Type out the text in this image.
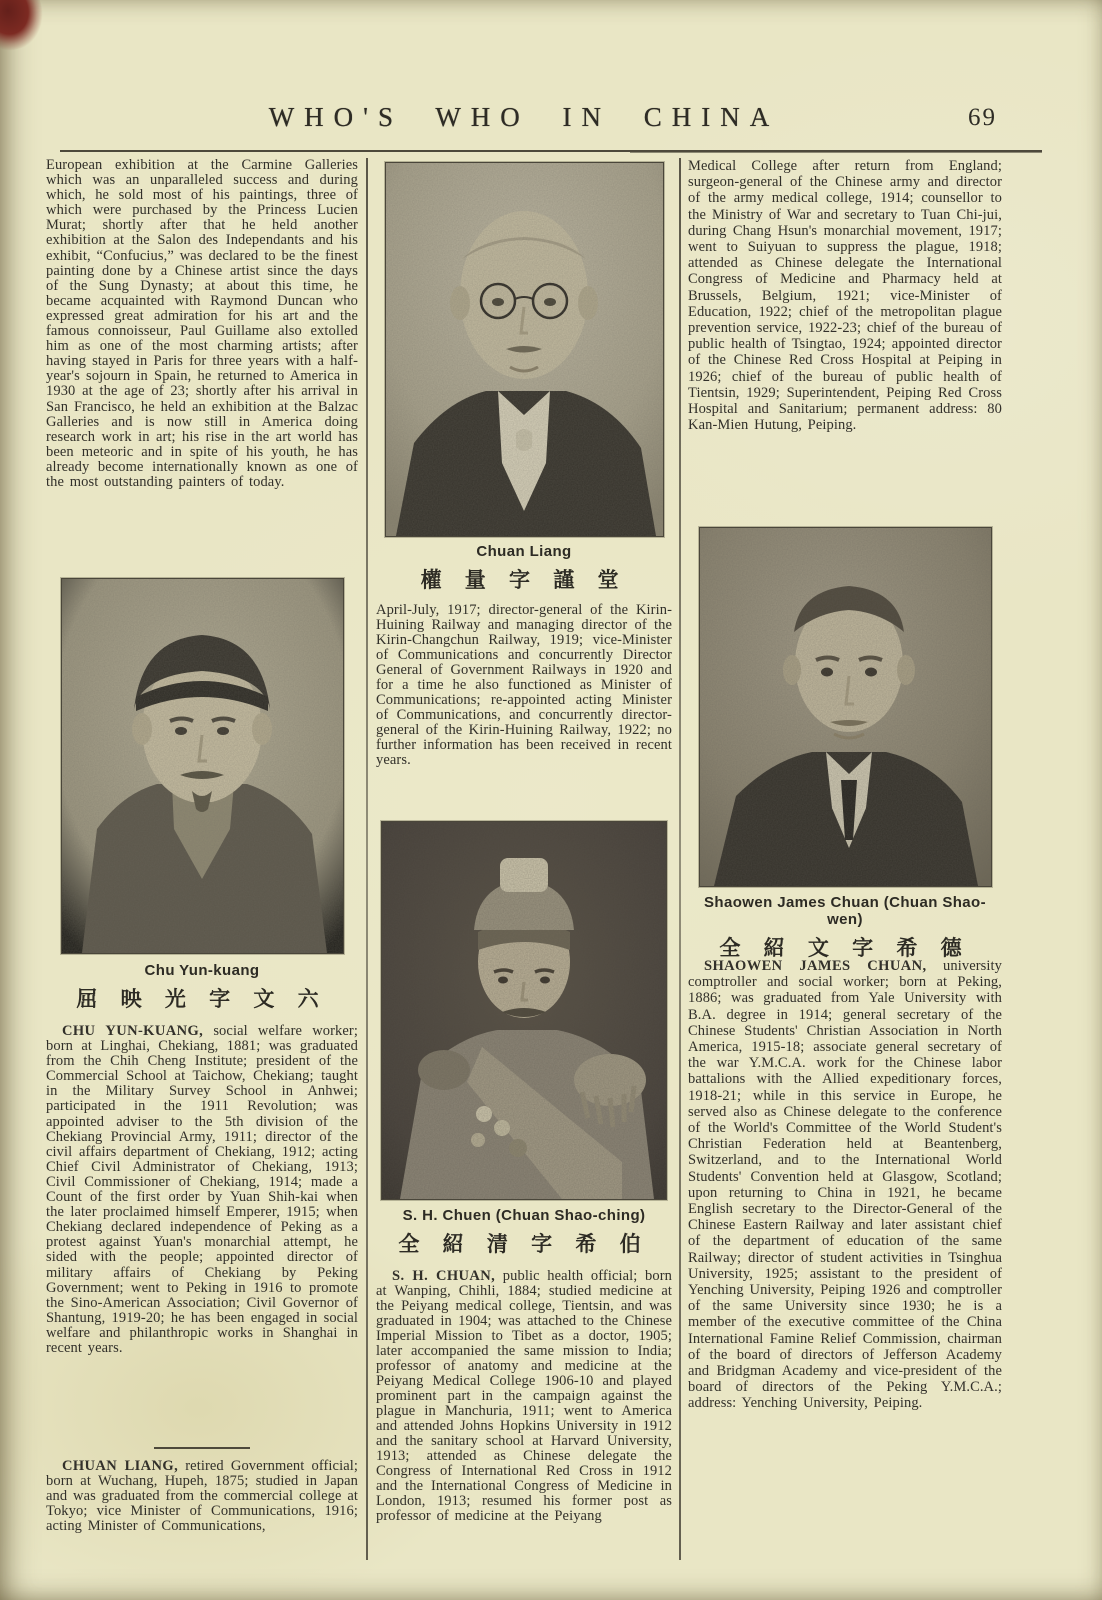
WHO'S WHO IN CHINA	69
European exhibition at the Carmine Galleries which was an unparalleled success and during which, he sold most of his paintings, three of which were purchased by the Princess Lucien Murat; shortly after that he held another exhibition at the Salon des Independants and his exhibit, “Confucius,” was declared to be the finest painting done by a Chinese artist since the days of the Sung Dynasty; at about this time, he became acquainted with Raymond Duncan who expressed great admiration for his art and the famous connoisseur, Paul Guillame also extolled him as one of the most charming artists; after having stayed in Paris for three years with a half-year's sojourn in Spain, he returned to America in 1930 at the age of 23; shortly after his arrival in San Francisco, he held an exhibition at the Balzac Galleries and is now still in America doing research work in art; his rise in the art world has been meteoric and in spite of his youth, he has already become internationally known as one of the most outstanding painters of today.
Chu Yun-kuang
屈 映 光 字 文 六
CHU YUN-KUANG, social welfare worker; born at Linghai, Chekiang, 1881; was graduated from the Chih Cheng Institute; president of the Commercial School at Taichow, Chekiang; taught in the Military Survey School in Anhwei; participated in the 1911 Revolution; was appointed adviser to the 5th division of the Chekiang Provincial Army, 1911; director of the civil affairs department of Chekiang, 1912; acting Chief Civil Administrator of Chekiang, 1913; Civil Commissioner of Chekiang, 1914; made a Count of the first order by Yuan Shih-kai when the later proclaimed himself Emperer, 1915; when Chekiang declared independence of Peking as a protest against Yuan's monarchial attempt, he sided with the people; appointed director of military affairs of Chekiang by Peking Government; went to Peking in 1916 to promote the Sino-American Association; Civil Governor of Shantung, 1919-20; he has been engaged in social welfare and philanthropic works in Shanghai in recent years.
CHUAN LIANG, retired Government official; born at Wuchang, Hupeh, 1875; studied in Japan and was graduated from the commercial college at Tokyo; vice Minister of Communications, 1916; acting Minister of Communications,
Chuan Liang
權 量 字 謹 堂
April-July, 1917; director-general of the Kirin-Huining Railway and managing director of the Kirin-Changchun Railway, 1919; vice-Minister of Communications and concurrently Director General of Government Railways in 1920 and for a time he also functioned as Minister of Communications; re-appointed acting Minister of Communications, and concurrently director-general of the Kirin-Huining Railway, 1922; no further information has been received in recent years.
S. H. Chuen (Chuan Shao-ching)
全 紹 清 字 希 伯
S. H. CHUAN, public health official; born at Wanping, Chihli, 1884; studied medicine at the Peiyang medical college, Tientsin, and was graduated in 1904; was attached to the Chinese Imperial Mission to Tibet as a doctor, 1905; later accompanied the same mission to India; professor of anatomy and medicine at the Peiyang Medical College 1906-10 and played prominent part in the campaign against the plague in Manchuria, 1911; went to America and attended Johns Hopkins University in 1912 and the sanitary school at Harvard University, 1913; attended as Chinese delegate the Congress of International Red Cross in 1912 and the International Congress of Medicine in London, 1913; resumed his former post as professor of medicine at the Peiyang
Medical College after return from England; surgeon-general of the Chinese army and director of the army medical college, 1914; counsellor to the Ministry of War and secretary to Tuan Chi-jui, during Chang Hsun's monarchial movement, 1917; went to Suiyuan to suppress the plague, 1918; attended as Chinese delegate the International Congress of Medicine and Pharmacy held at Brussels, Belgium, 1921; vice-Minister of Education, 1922; chief of the metropolitan plague prevention service, 1922-23; chief of the bureau of public health of Tsingtao, 1924; appointed director of the Chinese Red Cross Hospital at Peiping in 1926; chief of the bureau of public health of Tientsin, 1929; Superintendent, Peiping Red Cross Hospital and Sanitarium; permanent address: 80 Kan-Mien Hutung, Peiping.
Shaowen James Chuan (Chuan Shao-wen)
全 紹 文 字 希 德
SHAOWEN JAMES CHUAN, university comptroller and social worker; born at Peking, 1886; was graduated from Yale University with B.A. degree in 1914; general secretary of the Chinese Students' Christian Association in North America, 1915-18; associate general secretary of the war Y.M.C.A. work for the Chinese labor battalions with the Allied expeditionary forces, 1918-21; while in this service in Europe, he served also as Chinese delegate to the conference of the World's Committee of the World Student's Christian Federation held at Beantenberg, Switzerland, and to the International World Students' Convention held at Glasgow, Scotland; upon returning to China in 1921, he became English secretary to the Director-General of the Chinese Eastern Railway and later assistant chief of the department of education of the same Railway; director of student activities in Tsinghua University, 1925; assistant to the president of Yenching University, Peiping 1926 and comptroller of the same University since 1930; he is a member of the executive committee of the China International Famine Relief Commission, chairman of the board of directors of Jefferson Academy and Bridgman Academy and vice-president of the board of directors of the Peking Y.M.C.A.; address: Yenching University, Peiping.
